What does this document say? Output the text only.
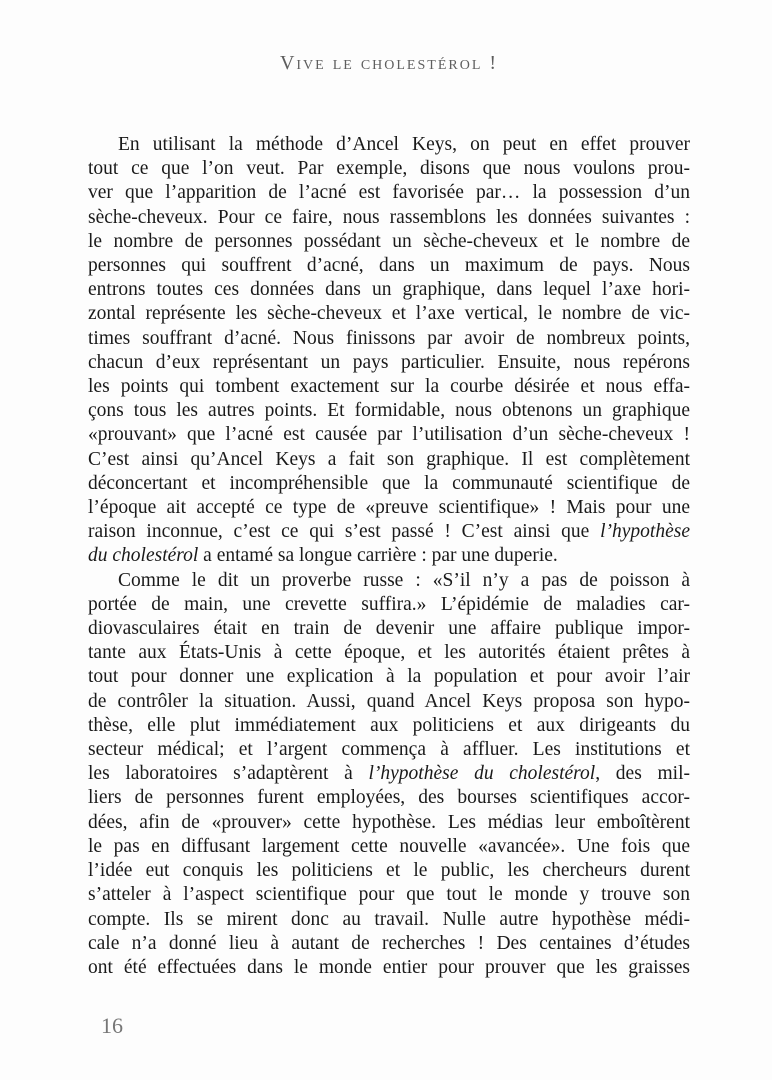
Vive le cholestérol !
En utilisant la méthode d’Ancel Keys, on peut en effet prouver
tout ce que l’on veut. Par exemple, disons que nous voulons prou-
ver que l’apparition de l’acné est favorisée par… la possession d’un
sèche-cheveux. Pour ce faire, nous rassemblons les données suivantes :
le nombre de personnes possédant un sèche-cheveux et le nombre de
personnes qui souffrent d’acné, dans un maximum de pays. Nous
entrons toutes ces données dans un graphique, dans lequel l’axe hori-
zontal représente les sèche-cheveux et l’axe vertical, le nombre de vic-
times souffrant d’acné. Nous finissons par avoir de nombreux points,
chacun d’eux représentant un pays particulier. Ensuite, nous repérons
les points qui tombent exactement sur la courbe désirée et nous effa-
çons tous les autres points. Et formidable, nous obtenons un graphique
«prouvant» que l’acné est causée par l’utilisation d’un sèche-cheveux !
C’est ainsi qu’Ancel Keys a fait son graphique. Il est complètement
déconcertant et incompréhensible que la communauté scientifique de
l’époque ait accepté ce type de «preuve scientifique» ! Mais pour une
raison inconnue, c’est ce qui s’est passé ! C’est ainsi que l’hypothèse
du cholestérol a entamé sa longue carrière : par une duperie.
Comme le dit un proverbe russe : «S’il n’y a pas de poisson à
portée de main, une crevette suffira.» L’épidémie de maladies car-
diovasculaires était en train de devenir une affaire publique impor-
tante aux États-Unis à cette époque, et les autorités étaient prêtes à
tout pour donner une explication à la population et pour avoir l’air
de contrôler la situation. Aussi, quand Ancel Keys proposa son hypo-
thèse, elle plut immédiatement aux politiciens et aux dirigeants du
secteur médical; et l’argent commença à affluer. Les institutions et
les laboratoires s’adaptèrent à l’hypothèse du cholestérol, des mil-
liers de personnes furent employées, des bourses scientifiques accor-
dées, afin de «prouver» cette hypothèse. Les médias leur emboîtèrent
le pas en diffusant largement cette nouvelle «avancée». Une fois que
l’idée eut conquis les politiciens et le public, les chercheurs durent
s’atteler à l’aspect scientifique pour que tout le monde y trouve son
compte. Ils se mirent donc au travail. Nulle autre hypothèse médi-
cale n’a donné lieu à autant de recherches ! Des centaines d’études
ont été effectuées dans le monde entier pour prouver que les graisses
16
